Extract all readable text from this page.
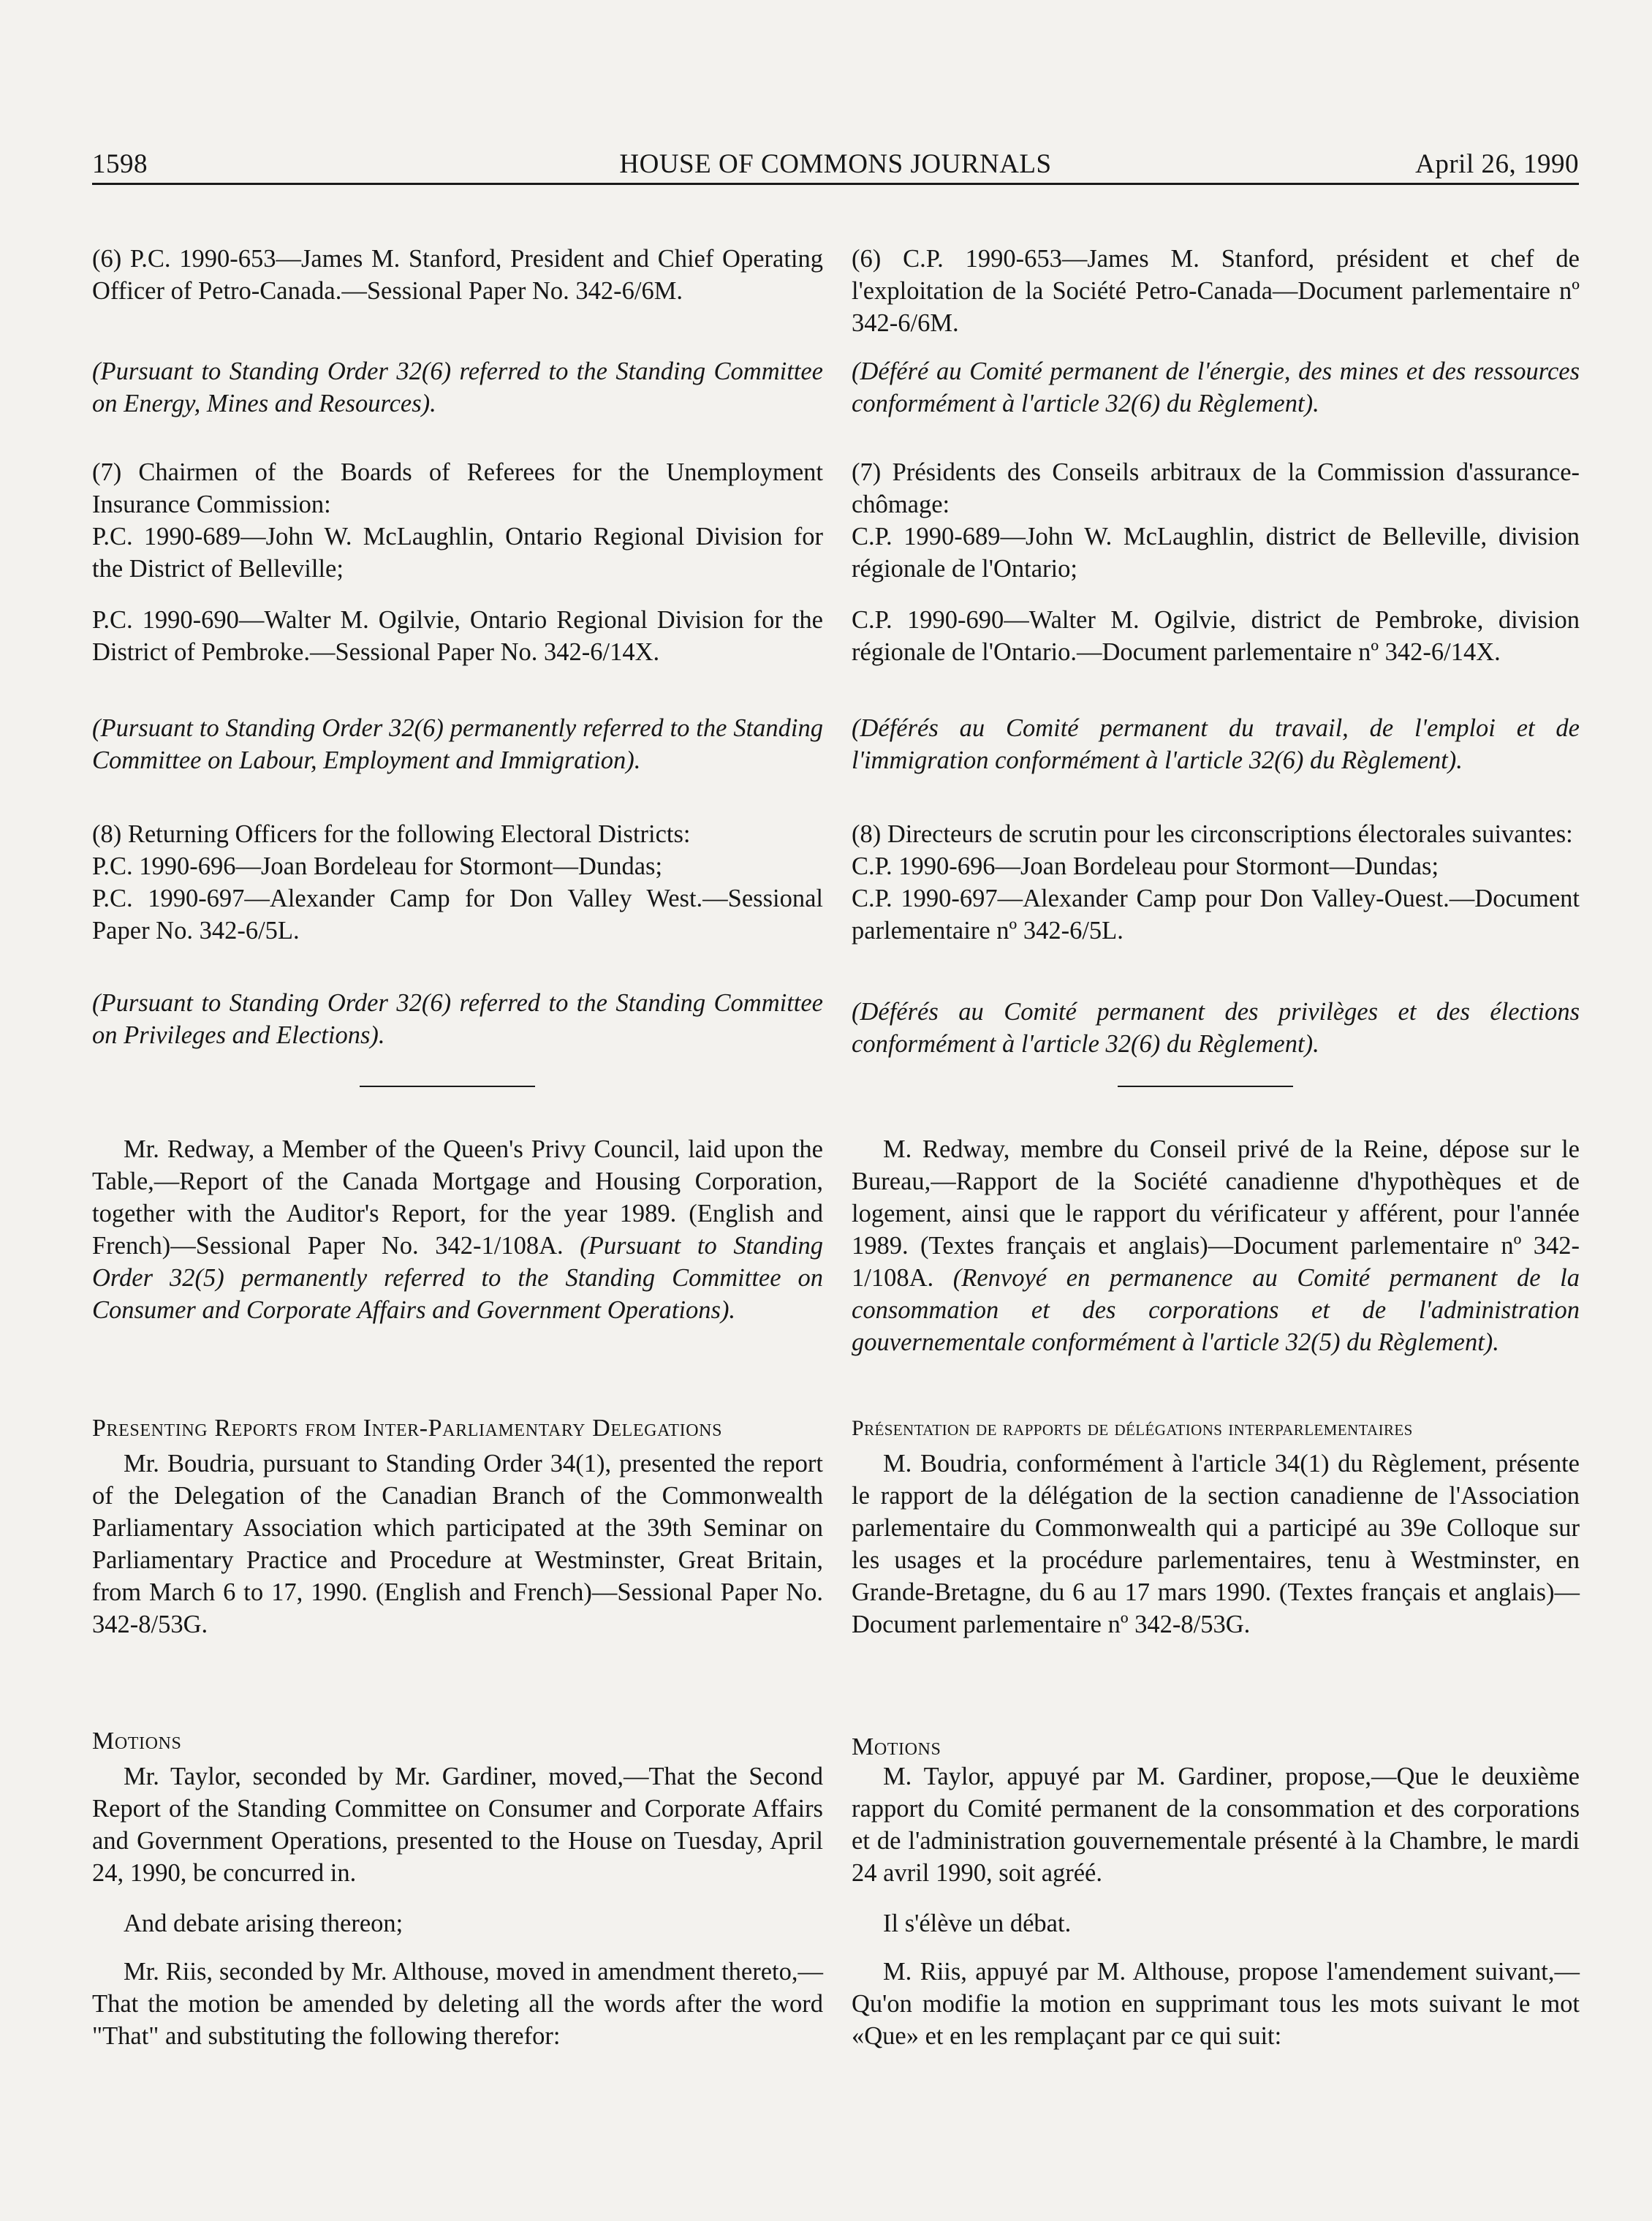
1598	HOUSE OF COMMONS JOURNALS	April 26, 1990

(6) P.C. 1990-653—James M. Stanford, President and Chief Operating Officer of Petro-Canada.—Sessional Paper No. 342-6/6M.

(Pursuant to Standing Order 32(6) referred to the Standing Committee on Energy, Mines and Resources).

(7) Chairmen of the Boards of Referees for the Unemployment Insurance Commission:

P.C. 1990-689—John W. McLaughlin, Ontario Regional Division for the District of Belleville;

P.C. 1990-690—Walter M. Ogilvie, Ontario Regional Division for the District of Pembroke.—Sessional Paper No. 342-6/14X.

(Pursuant to Standing Order 32(6) permanently referred to the Standing Committee on Labour, Employment and Immigration).

(8) Returning Officers for the following Electoral Districts:

P.C. 1990-696—Joan Bordeleau for Stormont—Dundas;

P.C. 1990-697—Alexander Camp for Don Valley West.—Sessional Paper No. 342-6/5L.

(Pursuant to Standing Order 32(6) referred to the Standing Committee on Privileges and Elections).

Mr. Redway, a Member of the Queen's Privy Council, laid upon the Table,—Report of the Canada Mortgage and Housing Corporation, together with the Auditor's Report, for the year 1989. (English and French)—Sessional Paper No. 342-1/108A. (Pursuant to Standing Order 32(5) permanently referred to the Standing Committee on Consumer and Corporate Affairs and Government Operations).

Presenting Reports from Inter-Parliamentary Delegations

Mr. Boudria, pursuant to Standing Order 34(1), presented the report of the Delegation of the Canadian Branch of the Commonwealth Parliamentary Association which participated at the 39th Seminar on Parliamentary Practice and Procedure at Westminster, Great Britain, from March 6 to 17, 1990. (English and French)—Sessional Paper No. 342-8/53G.

Motions

Mr. Taylor, seconded by Mr. Gardiner, moved,—That the Second Report of the Standing Committee on Consumer and Corporate Affairs and Government Operations, presented to the House on Tuesday, April 24, 1990, be concurred in.

And debate arising thereon;

Mr. Riis, seconded by Mr. Althouse, moved in amendment thereto,—That the motion be amended by deleting all the words after the word "That" and substituting the following therefor:

(6) C.P. 1990-653—James M. Stanford, président et chef de l'exploitation de la Société Petro-Canada—Document parlementaire nº 342-6/6M.

(Déféré au Comité permanent de l'énergie, des mines et des ressources conformément à l'article 32(6) du Règlement).

(7) Présidents des Conseils arbitraux de la Commission d'assurance-chômage:

C.P. 1990-689—John W. McLaughlin, district de Belleville, division régionale de l'Ontario;

C.P. 1990-690—Walter M. Ogilvie, district de Pembroke, division régionale de l'Ontario.—Document parlementaire nº 342-6/14X.

(Déférés au Comité permanent du travail, de l'emploi et de l'immigration conformément à l'article 32(6) du Règlement).

(8) Directeurs de scrutin pour les circonscriptions électorales suivantes:

C.P. 1990-696—Joan Bordeleau pour Stormont—Dundas;

C.P. 1990-697—Alexander Camp pour Don Valley-Ouest.—Document parlementaire nº 342-6/5L.

(Déférés au Comité permanent des privilèges et des élections conformément à l'article 32(6) du Règlement).

M. Redway, membre du Conseil privé de la Reine, dépose sur le Bureau,—Rapport de la Société canadienne d'hypothèques et de logement, ainsi que le rapport du vérificateur y afférent, pour l'année 1989. (Textes français et anglais)—Document parlementaire nº 342-1/108A. (Renvoyé en permanence au Comité permanent de la consommation et des corporations et de l'administration gouvernementale conformément à l'article 32(5) du Règlement).

Présentation de rapports de délégations interparlementaires

M. Boudria, conformément à l'article 34(1) du Règlement, présente le rapport de la délégation de la section canadienne de l'Association parlementaire du Commonwealth qui a participé au 39e Colloque sur les usages et la procédure parlementaires, tenu à Westminster, en Grande-Bretagne, du 6 au 17 mars 1990. (Textes français et anglais)—Document parlementaire nº 342-8/53G.

Motions

M. Taylor, appuyé par M. Gardiner, propose,—Que le deuxième rapport du Comité permanent de la consommation et des corporations et de l'administration gouvernementale présenté à la Chambre, le mardi 24 avril 1990, soit agréé.

Il s'élève un débat.

M. Riis, appuyé par M. Althouse, propose l'amendement suivant,—Qu'on modifie la motion en supprimant tous les mots suivant le mot «Que» et en les remplaçant par ce qui suit:
